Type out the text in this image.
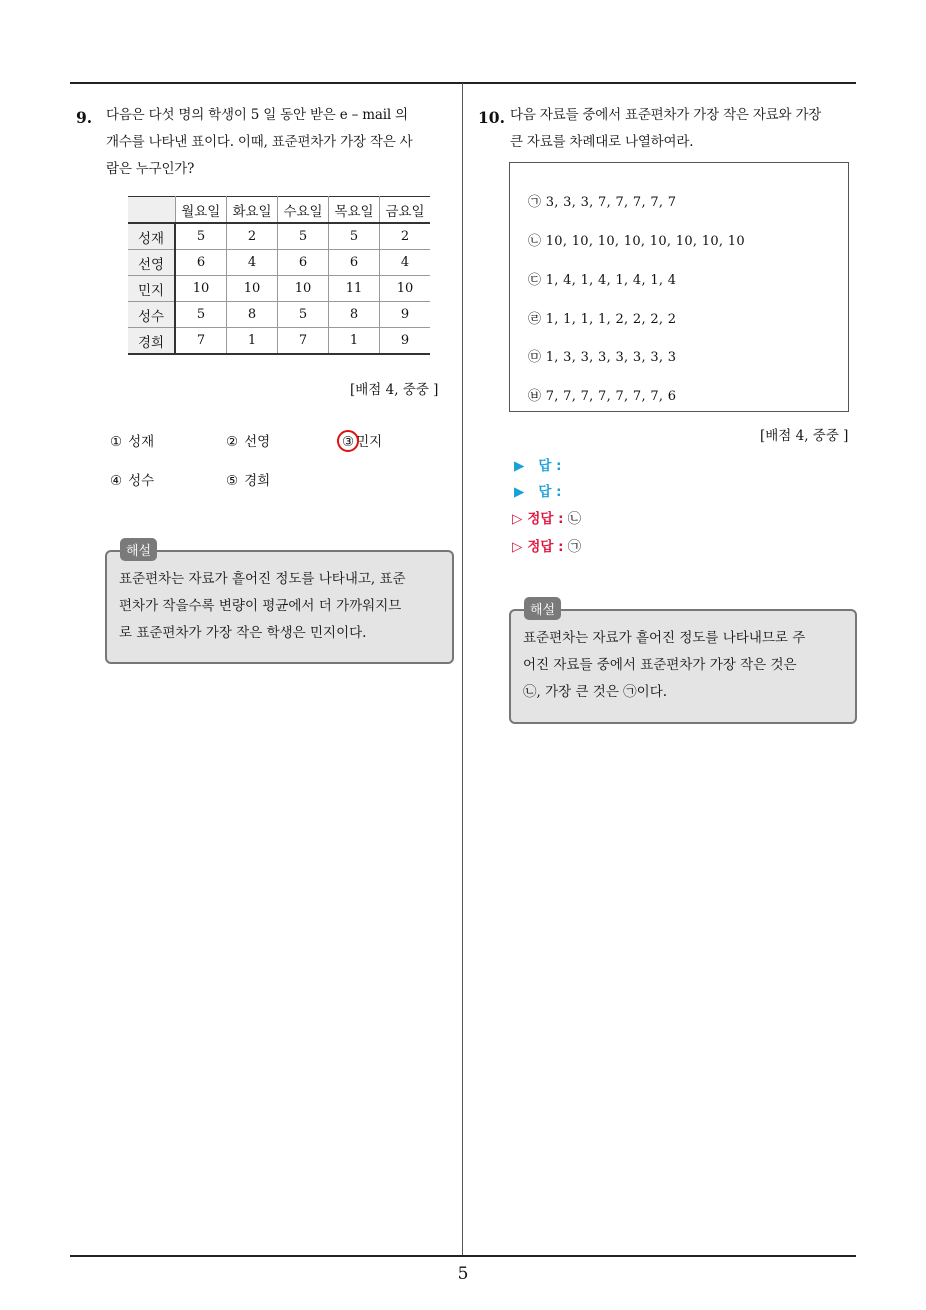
9. 다음은 다섯 명의 학생이 5 일 동안 받은 e – mail 의
개수를 나타낸 표이다. 이때, 표준편차가 가장 작은 사
람은 누구인가?
	월요일	화요일	수요일	목요일	금요일
성재	5	2	5	5	2
선영	6	4	6	6	4
민지	10	10	10	11	10
성수	5	8	5	8	9
경희	7	1	7	1	9
[배점 4, 중중 ]
① 성재	② 선영	③ 민지
④ 성수	⑤ 경희
표준편차는 자료가 흩어진 정도를 나타내고, 표준
편차가 작을수록 변량이 평균에서 더 가까워지므
로 표준편차가 가장 작은 학생은 민지이다.
해설
10. 다음 자료들 중에서 표준편차가 가장 작은 자료와 가장
큰 자료를 차례대로 나열하여라.
㉠ 3, 3, 3, 7, 7, 7, 7, 7
㉡ 10, 10, 10, 10, 10, 10, 10, 10
㉢ 1, 4, 1, 4, 1, 4, 1, 4
㉣ 1, 1, 1, 1, 2, 2, 2, 2
㉤ 1, 3, 3, 3, 3, 3, 3, 3
㉥ 7, 7, 7, 7, 7, 7, 7, 6
[배점 4, 중중 ]
▶ 답 :
▶ 답 :
▷ 정답 : ㉡
▷ 정답 : ㉠
표준편차는 자료가 흩어진 정도를 나타내므로 주
어진 자료들 중에서 표준편차가 가장 작은 것은
㉡, 가장 큰 것은 ㉠이다.
해설
5
